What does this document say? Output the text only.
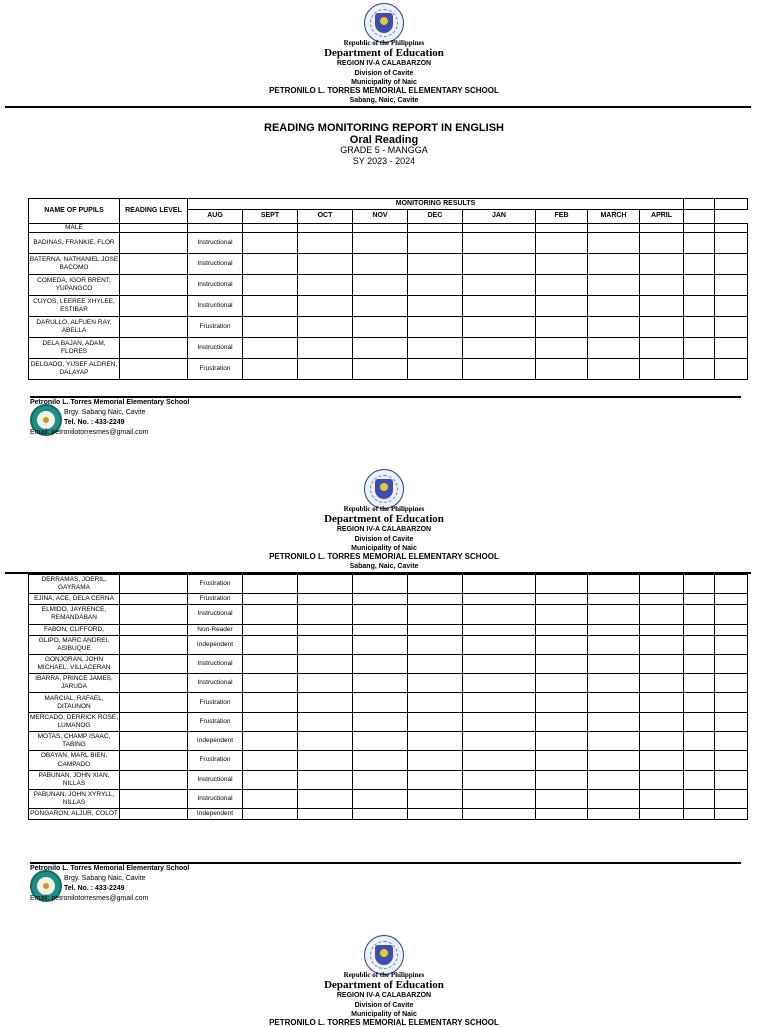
Republic of the Philippines
Department of Education
REGION IV-A CALABARZON
Division of Cavite
Municipality of Naic
PETRONILO L. TORRES MEMORIAL ELEMENTARY SCHOOL
Sabang, Naic, Cavite
READING MONITORING REPORT IN ENGLISH
Oral Reading
GRADE 5 - MANGGA
SY 2023 - 2024
NAME OF PUPILS	READING LEVEL	MONITORING RESULTS										
		AUG	SEPT	OCT	NOV	DEC	JAN	FEB	MARCH	APRIL		
MALE												
BADINAS, FRANKIE, FLOR		Instructional										
BATERNA, NATHANIEL JOSE BACOMO		Instructional										
COMEDA, IGOR BRENT, YUPANGCO		Instructional										
CUYOS, LEEREE XHYLEE, ESTIBAR		Instructional										
DARULLO, ALFUEN RAY, ABELLA		Frustration										
DELA BAJAN, ADAM, FLORES		Instructional										
DELGADO, YUSEF ALDREN, DALAYAP		Frustration										
Petronilo L. Torres Memorial Elementary School
Brgy. Sabang Naic, Cavite
Tel. No. : 433-2249
Email: petronilotorresmes@gmail.com
Republic of the Philippines
Department of Education
REGION IV-A CALABARZON
Division of Cavite
Municipality of Naic
PETRONILO L. TORRES MEMORIAL ELEMENTARY SCHOOL
Sabang, Naic, Cavite
DERRAMAS, JOERIL, GAYRAMA		Frustration										
EJINA, ACE, DELA CERNA		Frustration										
ELMIDO, JAYRENCE, REMANDABAN		Instructional										
FABON, CLIFFORD,		Non-Reader										
GLIPO, MARC ANDREI, ASIBUQUE		Independent										
GONJORAN, JOHN MICHAEL, VILLACERAN		Instructional										
IBARRA, PRINCE JAMES, JARUDA		Instructional										
MARCIAL, RAFAEL, DITAUNON		Frustration										
MERCADO, DERRICK ROSE, LUMANOG		Frustration										
MOTAS, CHAMP ISAAC, TABING		Independent										
OBAYAN, MARL BIEN, CAMPADO		Frustration										
PABUNAN, JOHN XIAN, NILLAS		Instructional										
PABUNAN, JOHN XYRYLL, NILLAS		Instructional										
PONGARON, ALJUR, COLOT		Independent										
Petronilo L. Torres Memorial Elementary School
Brgy. Sabang Naic, Cavite
Tel. No. : 433-2249
Email: petronilotorresmes@gmail.com
Republic of the Philippines
Department of Education
REGION IV-A CALABARZON
Division of Cavite
Municipality of Naic
PETRONILO L. TORRES MEMORIAL ELEMENTARY SCHOOL
